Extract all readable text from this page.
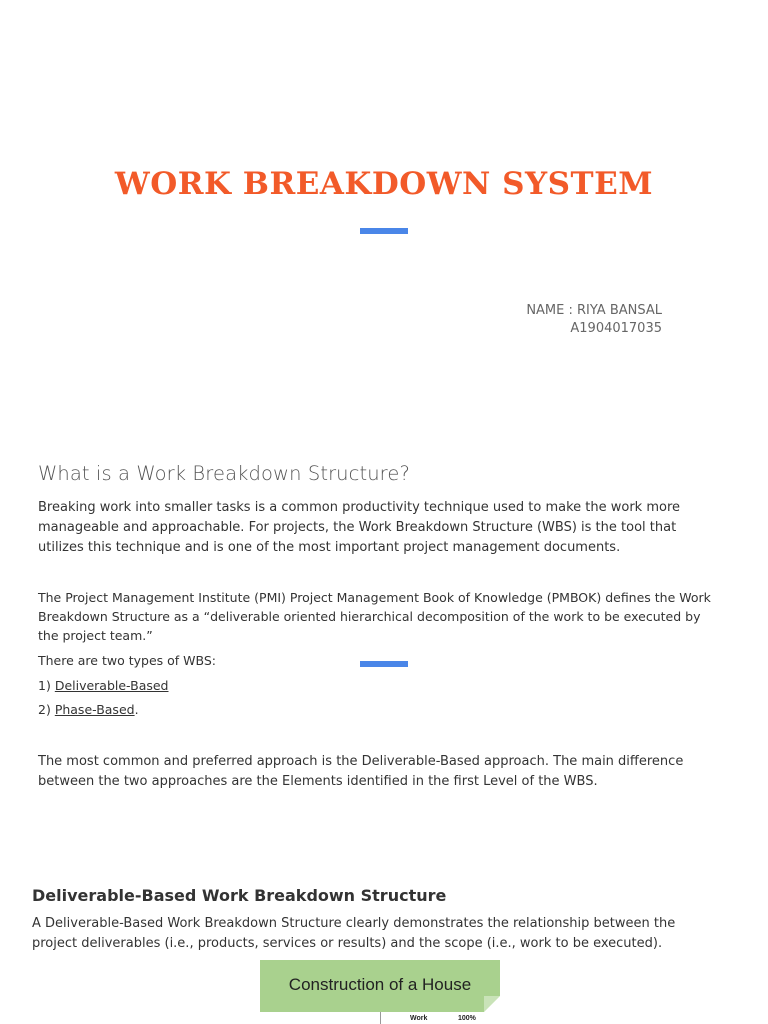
WORK BREAKDOWN SYSTEM
NAME : RIYA BANSAL
A1904017035
What is a Work Breakdown Structure?
Breaking work into smaller tasks is a common productivity technique used to make the work more manageable and approachable. For projects, the Work Breakdown Structure (WBS) is the tool that utilizes this technique and is one of the most important project management documents.
The Project Management Institute (PMI) Project Management Book of Knowledge (PMBOK) defines the Work Breakdown Structure as a “deliverable oriented hierarchical decomposition of the work to be executed by the project team.”
There are two types of WBS:
1) Deliverable-Based
2) Phase-Based.
The most common and preferred approach is the Deliverable-Based approach. The main difference between the two approaches are the Elements identified in the first Level of the WBS.
Deliverable-Based Work Breakdown Structure
A Deliverable-Based Work Breakdown Structure clearly demonstrates the relationship between the project deliverables (i.e., products, services or results) and the scope (i.e., work to be executed).
Construction of a House
Work	100%
